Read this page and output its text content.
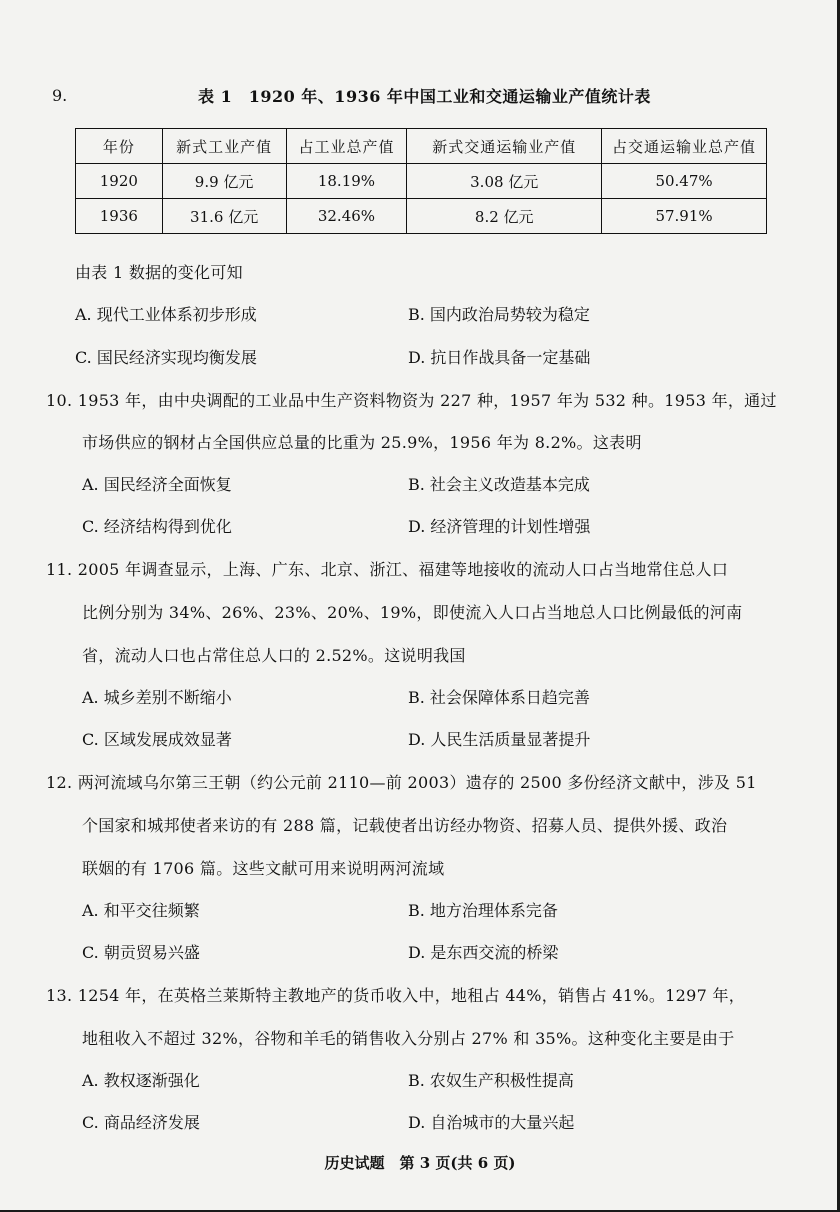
9.	表 1　1920 年、1936 年中国工业和交通运输业产值统计表
年份	新式工业产值	占工业总产值	新式交通运输业产值	占交通运输业总产值
1920	9.9 亿元	18.19%	3.08 亿元	50.47%
1936	31.6 亿元	32.46%	8.2 亿元	57.91%
由表 1 数据的变化可知
A. 现代工业体系初步形成	B. 国内政治局势较为稳定
C. 国民经济实现均衡发展	D. 抗日作战具备一定基础
10. 1953 年，由中央调配的工业品中生产资料物资为 227 种，1957 年为 532 种。1953 年，通过
市场供应的钢材占全国供应总量的比重为 25.9%，1956 年为 8.2%。这表明
A. 国民经济全面恢复	B. 社会主义改造基本完成
C. 经济结构得到优化	D. 经济管理的计划性增强
11. 2005 年调查显示，上海、广东、北京、浙江、福建等地接收的流动人口占当地常住总人口
比例分别为 34%、26%、23%、20%、19%，即使流入人口占当地总人口比例最低的河南
省，流动人口也占常住总人口的 2.52%。这说明我国
A. 城乡差别不断缩小	B. 社会保障体系日趋完善
C. 区域发展成效显著	D. 人民生活质量显著提升
12. 两河流域乌尔第三王朝（约公元前 2110—前 2003）遗存的 2500 多份经济文献中，涉及 51
个国家和城邦使者来访的有 288 篇，记载使者出访经办物资、招募人员、提供外援、政治
联姻的有 1706 篇。这些文献可用来说明两河流域
A. 和平交往频繁	B. 地方治理体系完备
C. 朝贡贸易兴盛	D. 是东西交流的桥梁
13. 1254 年，在英格兰莱斯特主教地产的货币收入中，地租占 44%，销售占 41%。1297 年，
地租收入不超过 32%，谷物和羊毛的销售收入分别占 27% 和 35%。这种变化主要是由于
A. 教权逐渐强化	B. 农奴生产积极性提高
C. 商品经济发展	D. 自治城市的大量兴起
历史试题　第 3 页(共 6 页)
